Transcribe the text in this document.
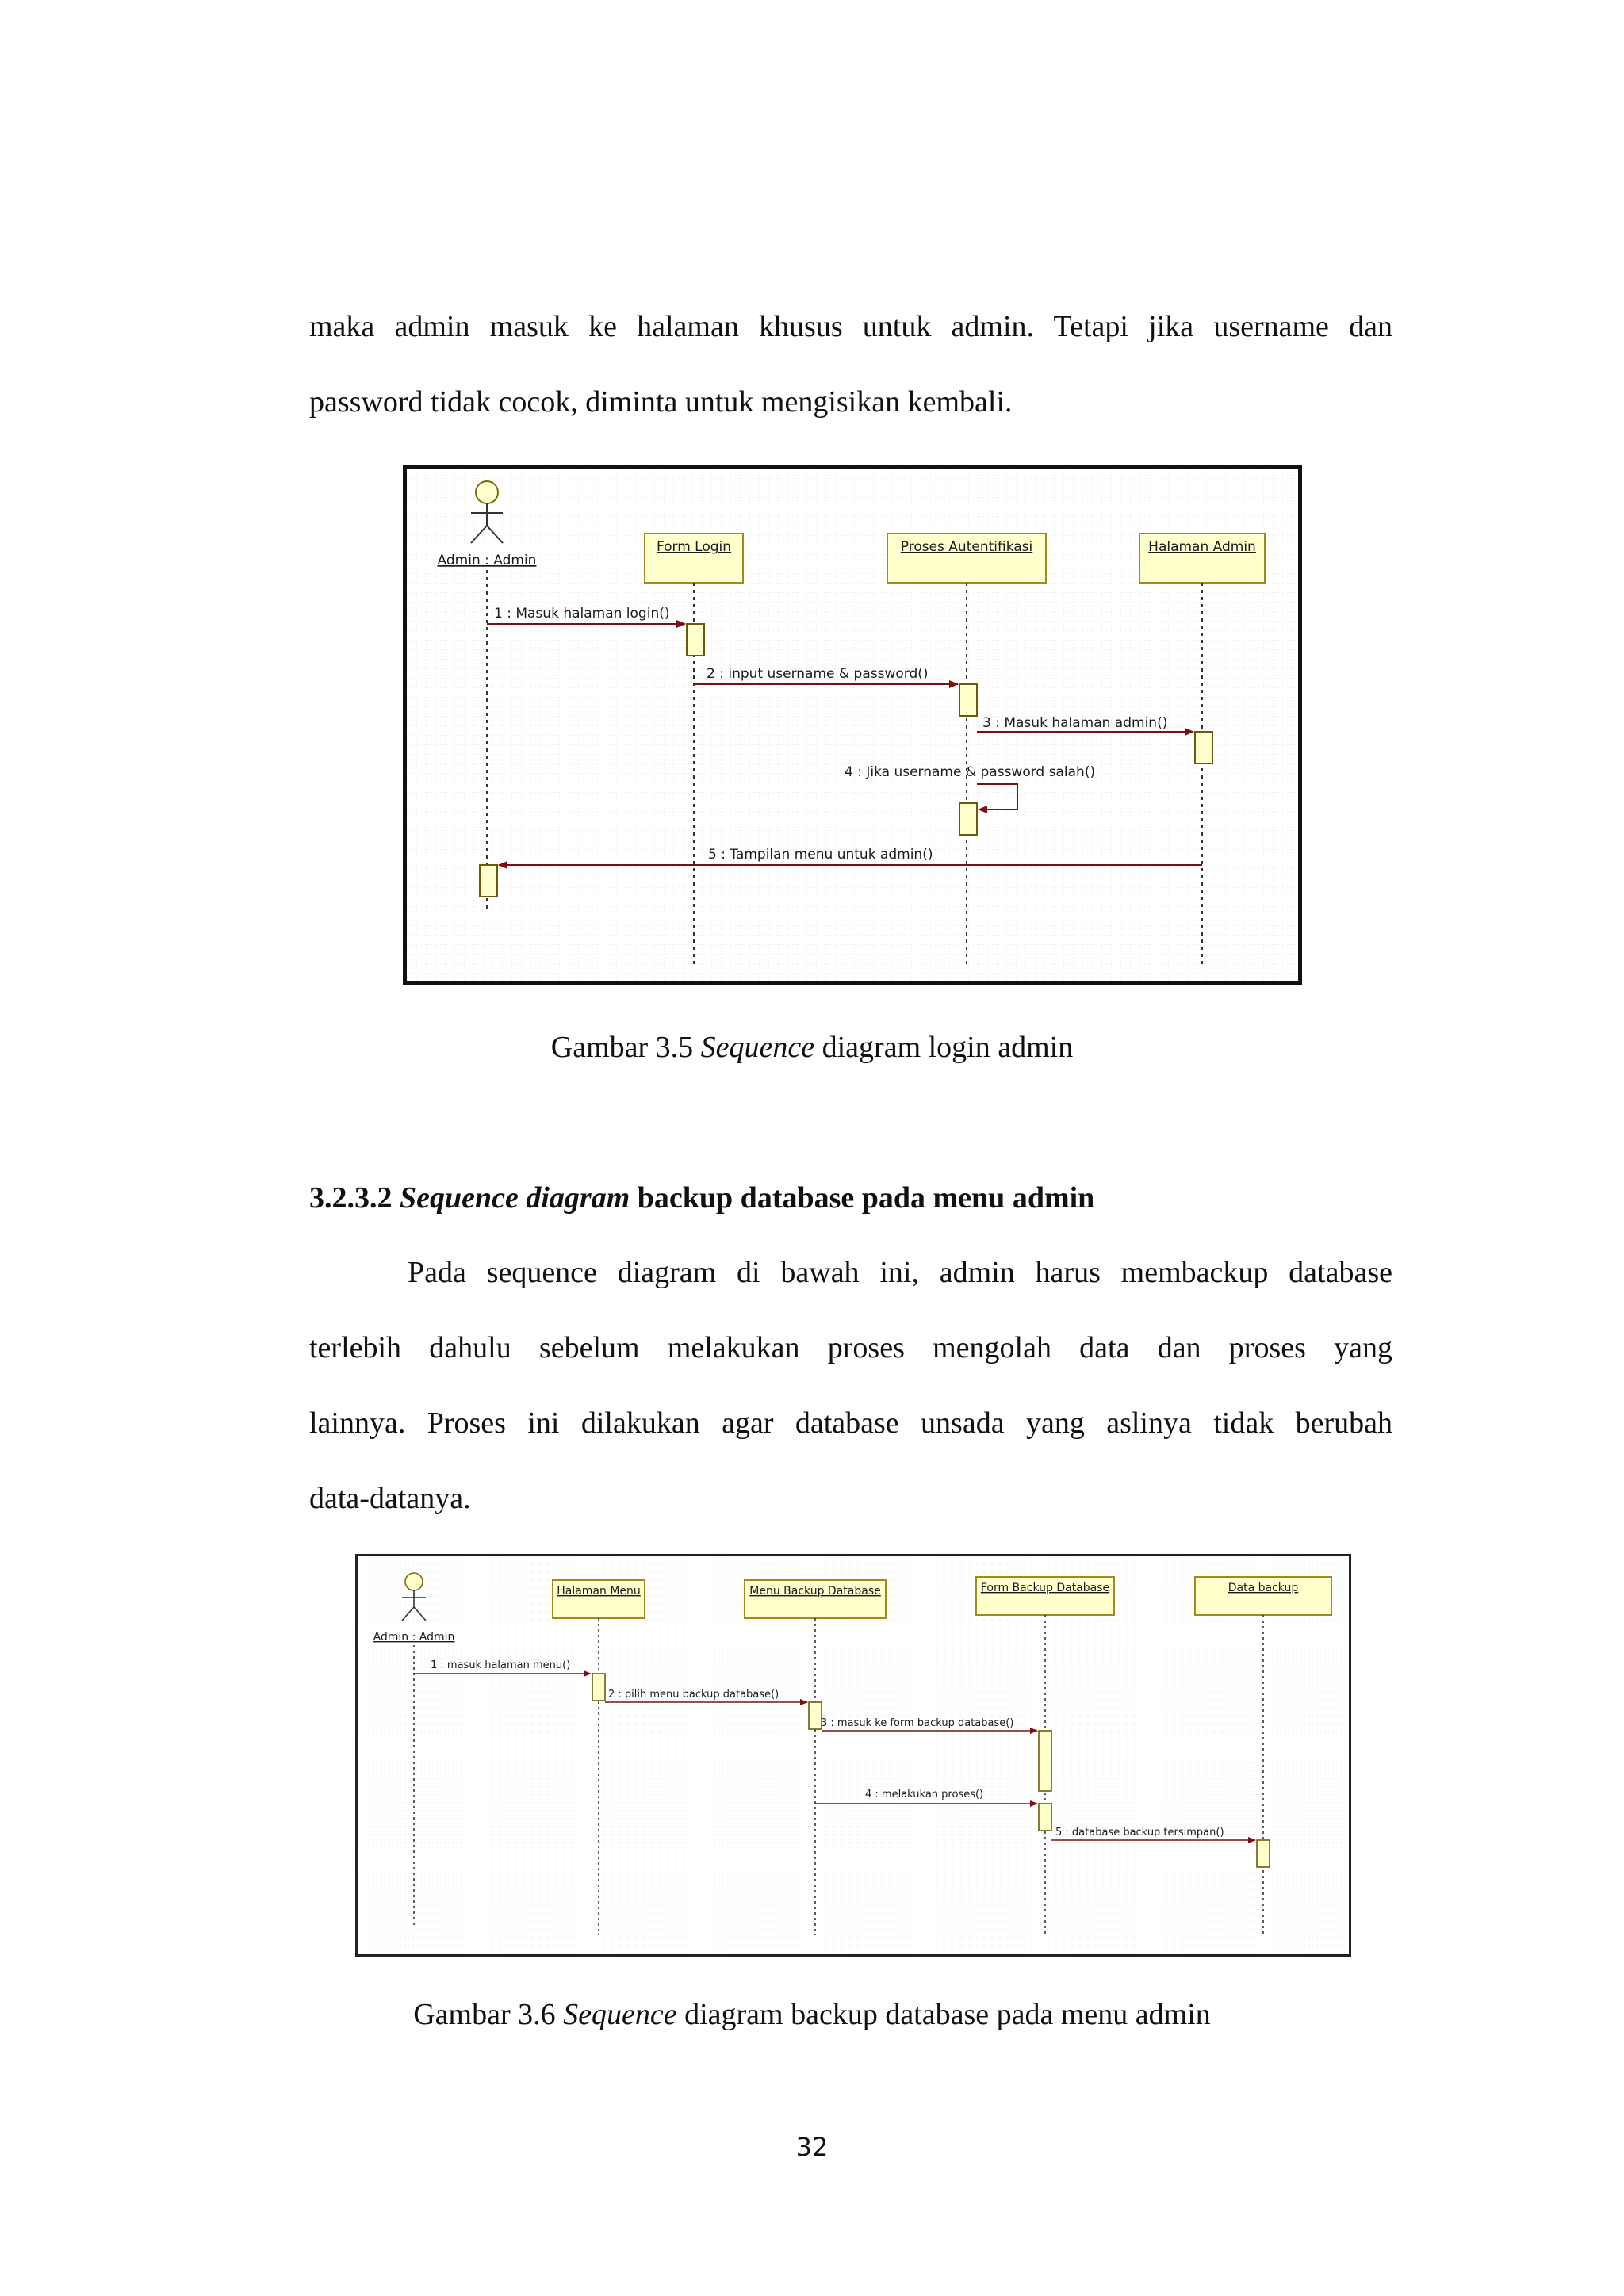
maka admin masuk ke halaman khusus untuk admin. Tetapi jika username dan
password tidak cocok, diminta untuk mengisikan kembali.
Admin : Admin
Form Login	Proses Autentifikasi	Halaman Admin
1 : Masuk halaman login()
2 : input username & password()
3 : Masuk halaman admin()
4 : Jika username & password salah()
5 : Tampilan menu untuk admin()

Gambar 3.5 Sequence diagram login admin

3.2.3.2 Sequence diagram backup database pada menu admin

Pada sequence diagram di bawah ini, admin harus membackup database
terlebih dahulu sebelum melakukan proses mengolah data dan proses yang
lainnya. Proses ini dilakukan agar database unsada yang aslinya tidak berubah
data-datanya.
Admin : Admin
Halaman Menu	Menu Backup Database	Form Backup Database	Data backup
1 : masuk halaman menu()
2 : pilih menu backup database()
3 : masuk ke form backup database()
4 : melakukan proses()
5 : database backup tersimpan()

Gambar 3.6 Sequence diagram backup database pada menu admin

32
